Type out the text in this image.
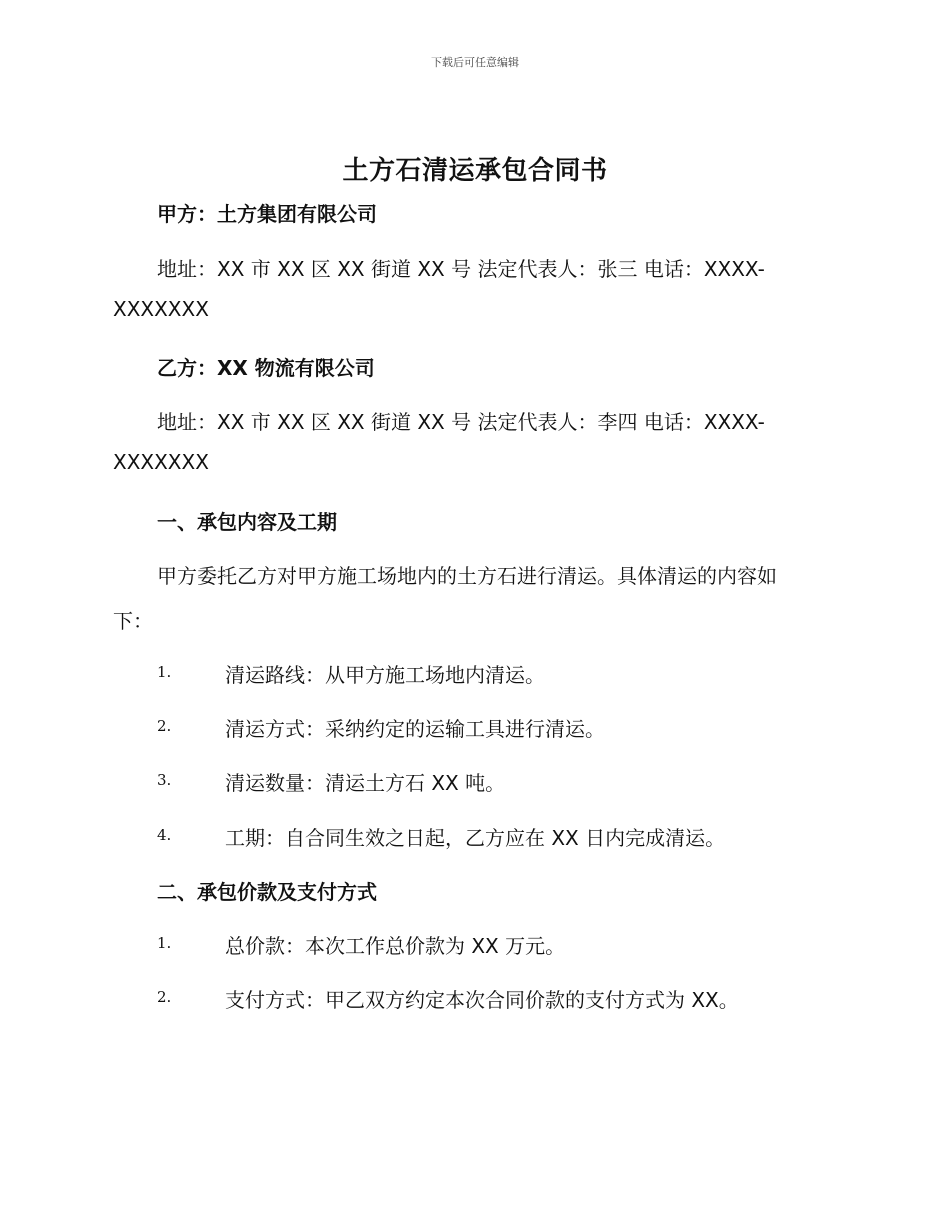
下载后可任意编辑
土方石清运承包合同书
甲方：土方集团有限公司
地址：XX 市 XX 区 XX 街道 XX 号 法定代表人：张三 电话：XXXX-
XXXXXXX
乙方：XX 物流有限公司
地址：XX 市 XX 区 XX 街道 XX 号 法定代表人：李四 电话：XXXX-
XXXXXXX
一、承包内容及工期
甲方委托乙方对甲方施工场地内的土方石进行清运。具体清运的内容如
下：
1.	清运路线：从甲方施工场地内清运。
2.	清运方式：采纳约定的运输工具进行清运。
3.	清运数量：清运土方石 XX 吨。
4.	工期：自合同生效之日起，乙方应在 XX 日内完成清运。
二、承包价款及支付方式
1.	总价款：本次工作总价款为 XX 万元。
2.	支付方式：甲乙双方约定本次合同价款的支付方式为 XX。
